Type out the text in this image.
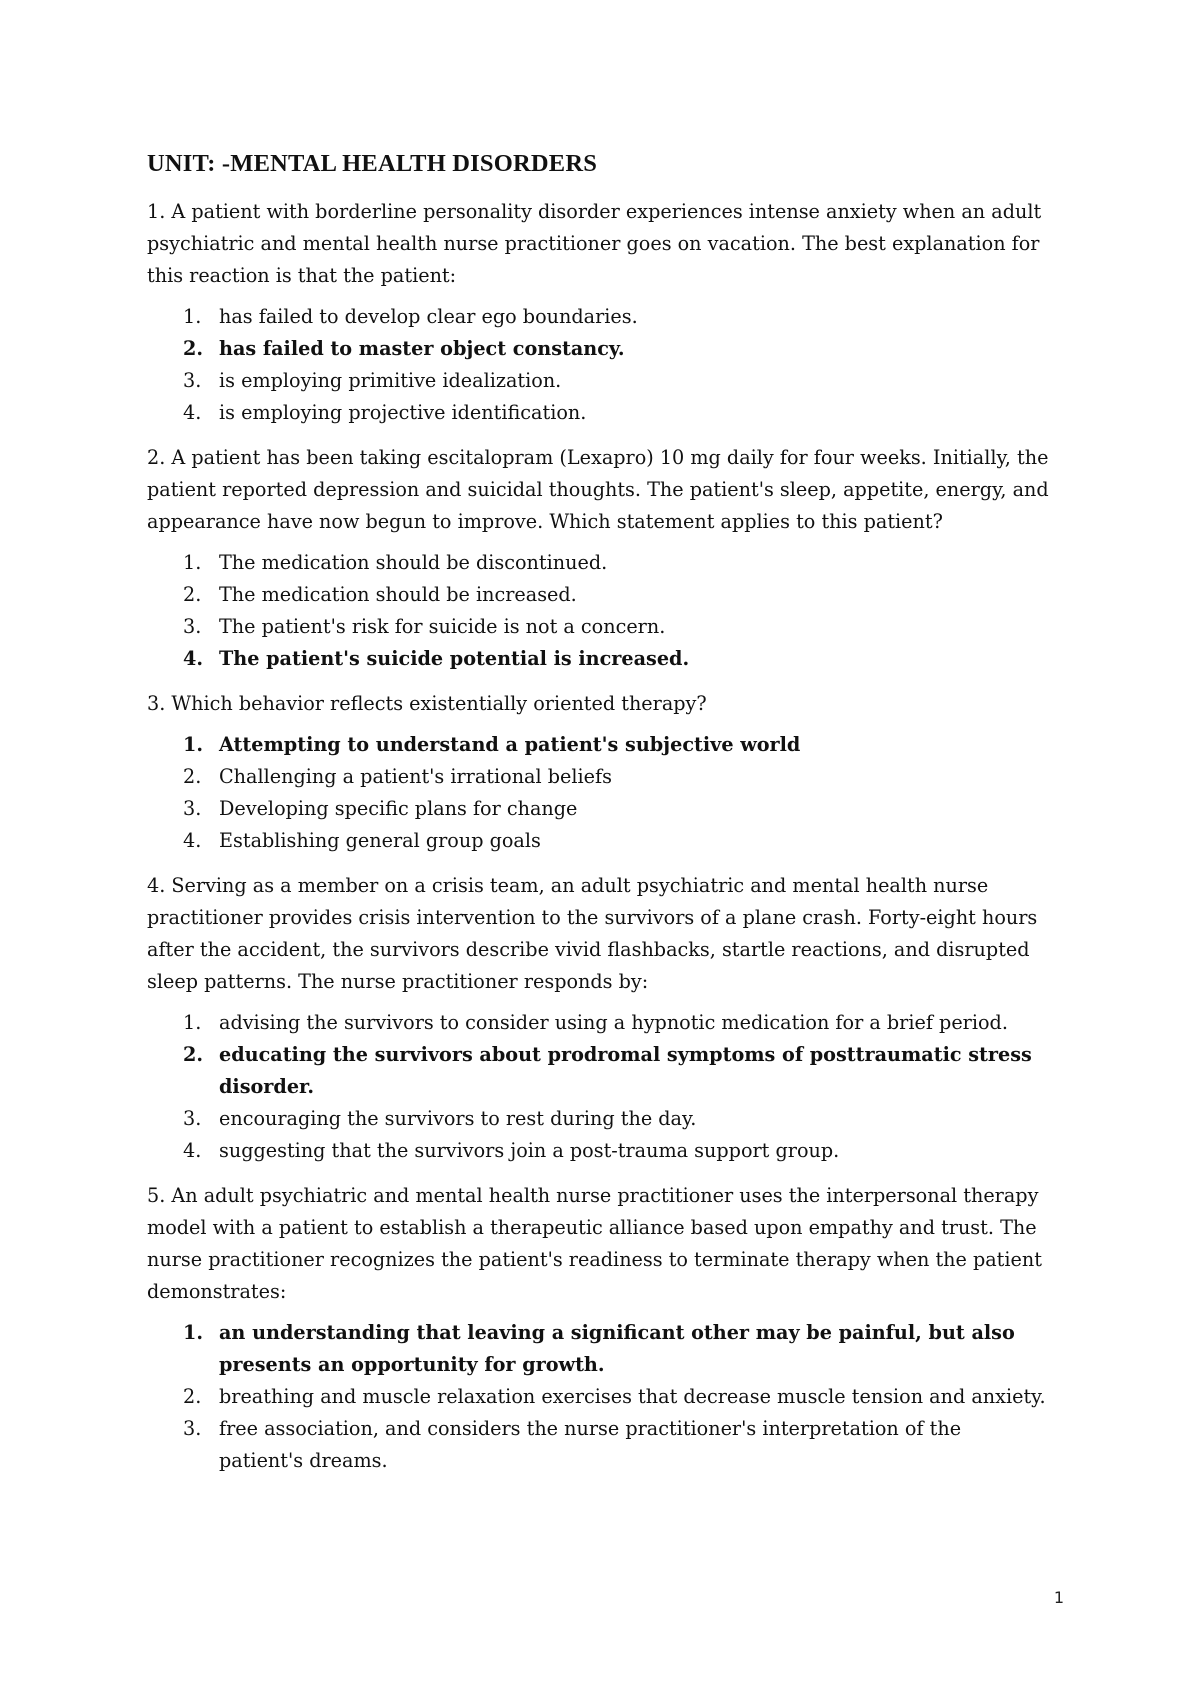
UNIT: -MENTAL HEALTH DISORDERS

1. A patient with borderline personality disorder experiences intense anxiety when an adult psychiatric and mental health nurse practitioner goes on vacation. The best explanation for this reaction is that the patient:

1. has failed to develop clear ego boundaries.
2. has failed to master object constancy.
3. is employing primitive idealization.
4. is employing projective identification.

2. A patient has been taking escitalopram (Lexapro) 10 mg daily for four weeks. Initially, the patient reported depression and suicidal thoughts. The patient's sleep, appetite, energy, and appearance have now begun to improve. Which statement applies to this patient?

1. The medication should be discontinued.
2. The medication should be increased.
3. The patient's risk for suicide is not a concern.
4. The patient's suicide potential is increased.

3. Which behavior reflects existentially oriented therapy?

1. Attempting to understand a patient's subjective world
2. Challenging a patient's irrational beliefs
3. Developing specific plans for change
4. Establishing general group goals

4. Serving as a member on a crisis team, an adult psychiatric and mental health nurse practitioner provides crisis intervention to the survivors of a plane crash. Forty-eight hours after the accident, the survivors describe vivid flashbacks, startle reactions, and disrupted sleep patterns. The nurse practitioner responds by:

1. advising the survivors to consider using a hypnotic medication for a brief period.
2. educating the survivors about prodromal symptoms of posttraumatic stress disorder.
3. encouraging the survivors to rest during the day.
4. suggesting that the survivors join a post-trauma support group.

5. An adult psychiatric and mental health nurse practitioner uses the interpersonal therapy model with a patient to establish a therapeutic alliance based upon empathy and trust. The nurse practitioner recognizes the patient's readiness to terminate therapy when the patient demonstrates:

1. an understanding that leaving a significant other may be painful, but also presents an opportunity for growth.
2. breathing and muscle relaxation exercises that decrease muscle tension and anxiety.
3. free association, and considers the nurse practitioner's interpretation of the patient's dreams.
1
